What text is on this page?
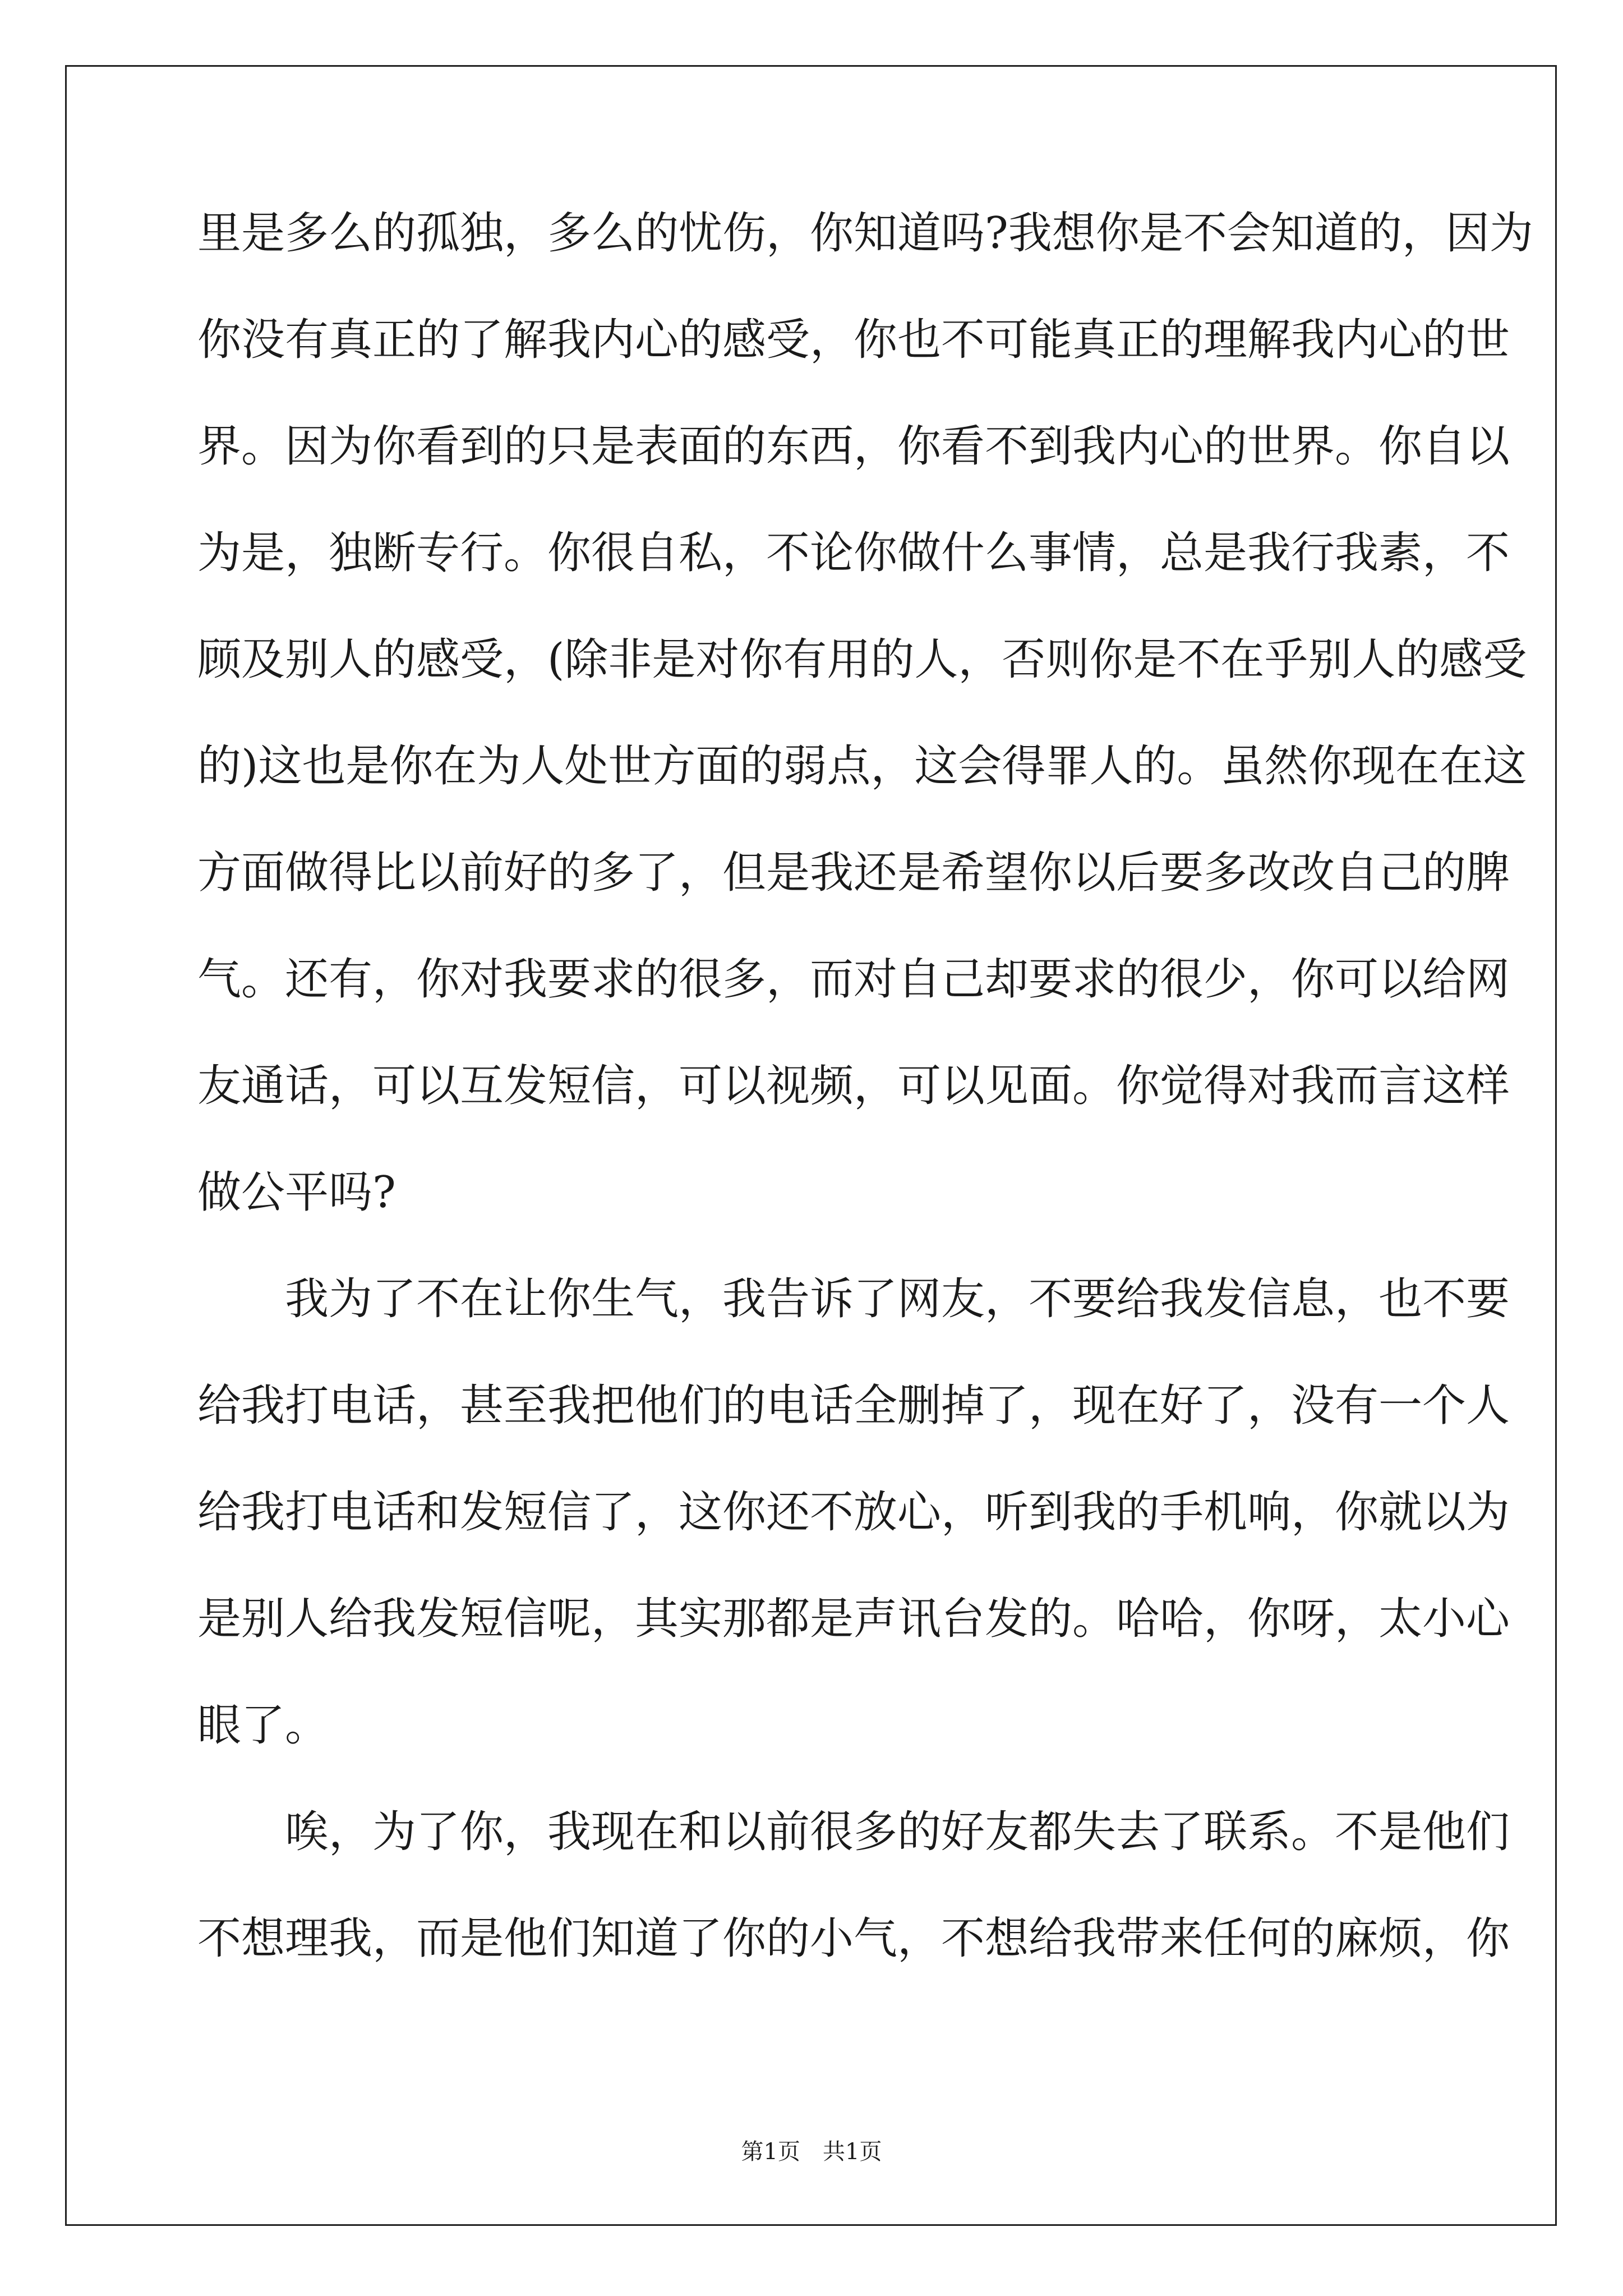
里是多么的孤独，多么的忧伤，你知道吗?我想你是不会知道的，因为
你没有真正的了解我内心的感受，你也不可能真正的理解我内心的世
界。因为你看到的只是表面的东西，你看不到我内心的世界。你自以
为是，独断专行。你很自私，不论你做什么事情，总是我行我素，不
顾及别人的感受，(除非是对你有用的人，否则你是不在乎别人的感受
的)这也是你在为人处世方面的弱点，这会得罪人的。虽然你现在在这
方面做得比以前好的多了，但是我还是希望你以后要多改改自己的脾
气。还有，你对我要求的很多，而对自己却要求的很少，你可以给网
友通话，可以互发短信，可以视频，可以见面。你觉得对我而言这样
做公平吗?
　　我为了不在让你生气，我告诉了网友，不要给我发信息，也不要
给我打电话，甚至我把他们的电话全删掉了，现在好了，没有一个人
给我打电话和发短信了，这你还不放心，听到我的手机响，你就以为
是别人给我发短信呢，其实那都是声讯台发的。哈哈，你呀，太小心
眼了。
　　唉，为了你，我现在和以前很多的好友都失去了联系。不是他们
不想理我，而是他们知道了你的小气，不想给我带来任何的麻烦，你
第1页　共1页
